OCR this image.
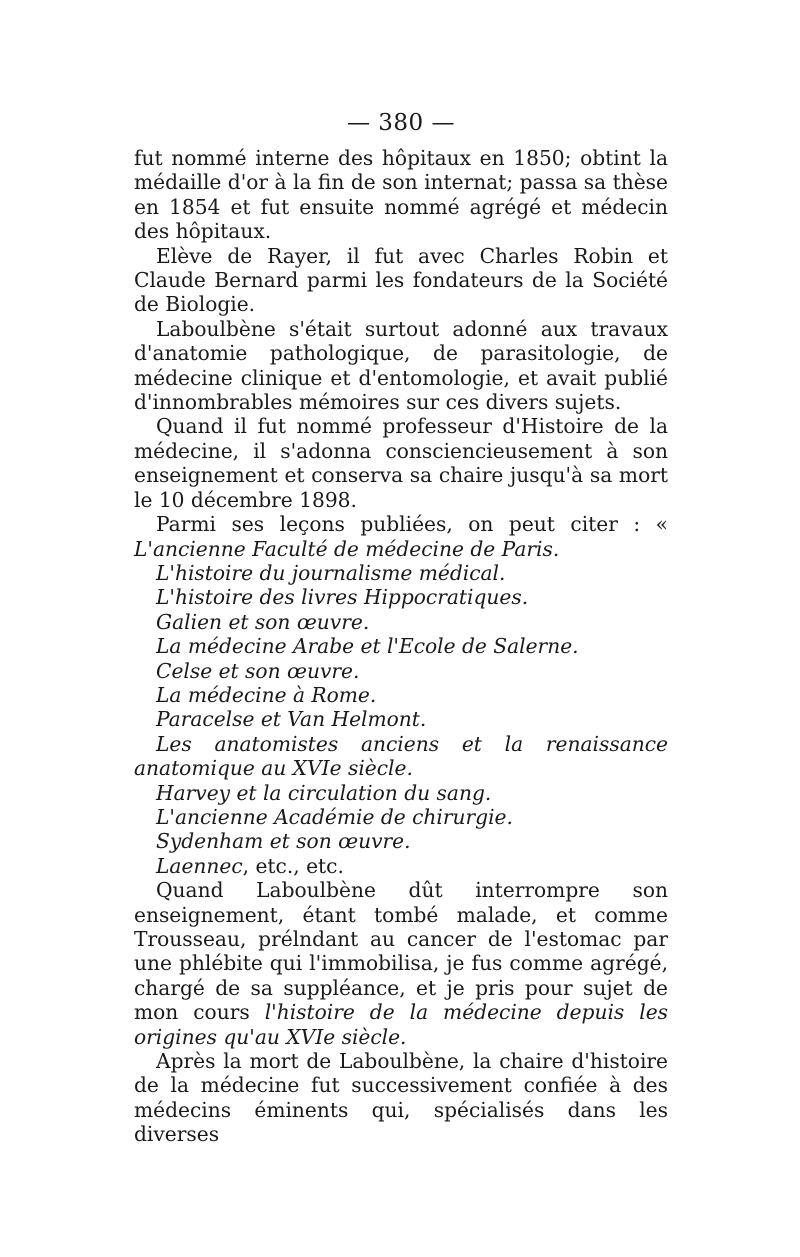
— 380 —

fut nommé interne des hôpitaux en 1850; obtint la médaille d'or à la fin de son internat; passa sa thèse en 1854 et fut ensuite nommé agrégé et médecin des hôpitaux.

Elève de Rayer, il fut avec Charles Robin et Claude Bernard parmi les fondateurs de la Société de Biologie.

Laboulbène s'était surtout adonné aux travaux d'anatomie pathologique, de parasitologie, de médecine clinique et d'entomologie, et avait publié d'innombrables mémoires sur ces divers sujets.

Quand il fut nommé professeur d'Histoire de la médecine, il s'adonna consciencieusement à son enseignement et conserva sa chaire jusqu'à sa mort le 10 décembre 1898.

Parmi ses leçons publiées, on peut citer : « L'ancienne Faculté de médecine de Paris.

L'histoire du journalisme médical.

L'histoire des livres Hippocratiques.

Galien et son œuvre.

La médecine Arabe et l'Ecole de Salerne.

Celse et son œuvre.

La médecine à Rome.

Paracelse et Van Helmont.

Les anatomistes anciens et la renaissance anatomique au XVIe siècle.

Harvey et la circulation du sang.

L'ancienne Académie de chirurgie.

Sydenham et son œuvre.

Laennec, etc., etc.

Quand Laboulbène dût interrompre son enseignement, étant tombé malade, et comme Trousseau, prélndant au cancer de l'estomac par une phlébite qui l'immobilisa, je fus comme agrégé, chargé de sa suppléance, et je pris pour sujet de mon cours l'histoire de la médecine depuis les origines qu'au XVIe siècle.

Après la mort de Laboulbène, la chaire d'histoire de la médecine fut successivement confiée à des médecins éminents qui, spécialisés dans les diverses
